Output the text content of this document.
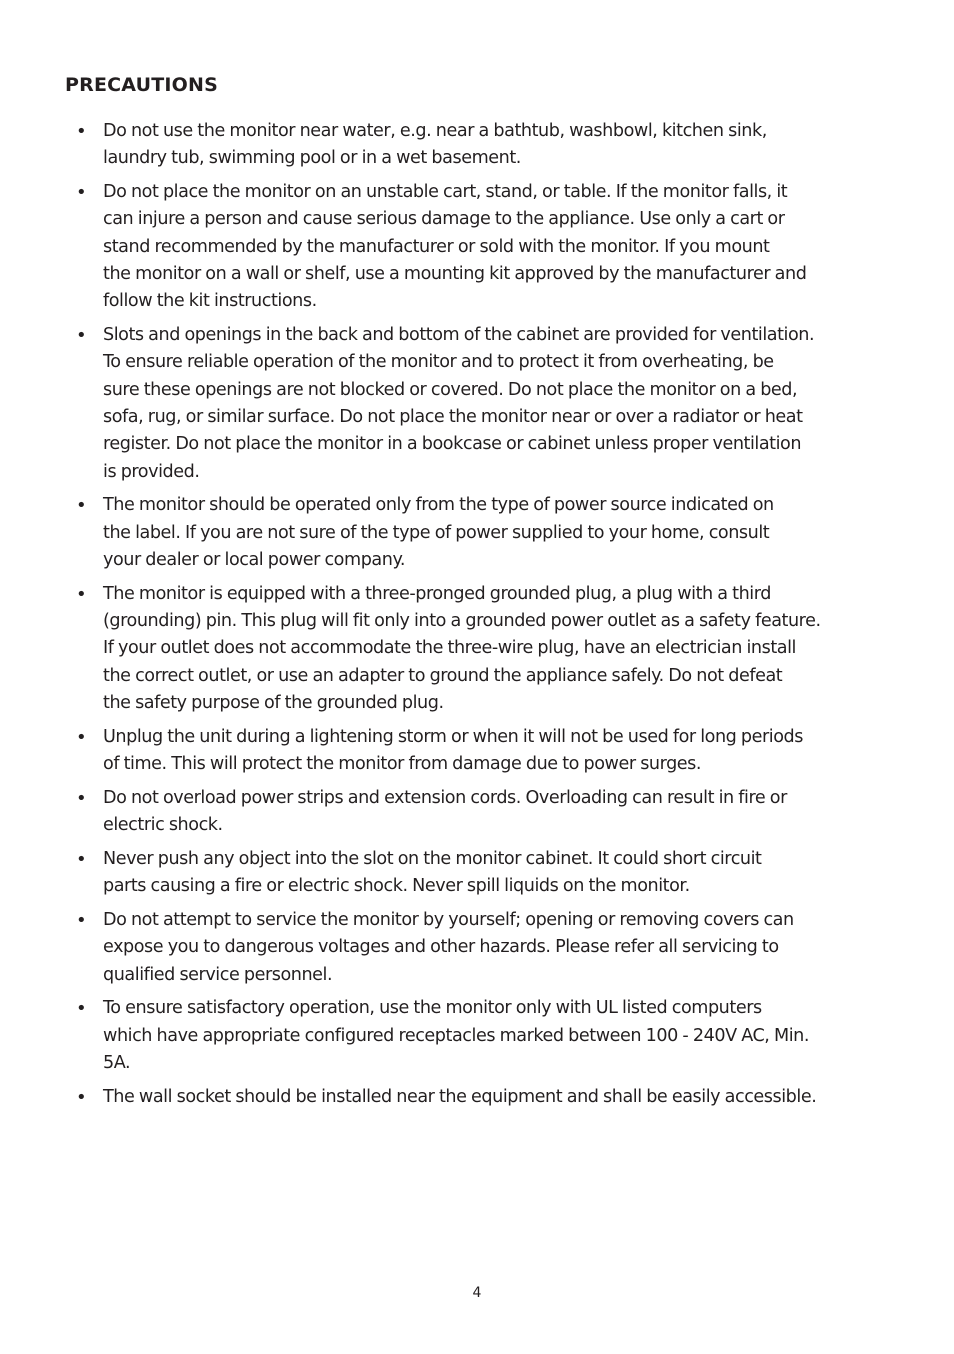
PRECAUTIONS
• Do not use the monitor near water, e.g. near a bathtub, washbowl, kitchen sink,
laundry tub, swimming pool or in a wet basement.
• Do not place the monitor on an unstable cart, stand, or table. If the monitor falls, it
can injure a person and cause serious damage to the appliance. Use only a cart or
stand recommended by the manufacturer or sold with the monitor. If you mount
the monitor on a wall or shelf, use a mounting kit approved by the manufacturer and
follow the kit instructions.
• Slots and openings in the back and bottom of the cabinet are provided for ventilation.
To ensure reliable operation of the monitor and to protect it from overheating, be
sure these openings are not blocked or covered. Do not place the monitor on a bed,
sofa, rug, or similar surface. Do not place the monitor near or over a radiator or heat
register. Do not place the monitor in a bookcase or cabinet unless proper ventilation
is provided.
• The monitor should be operated only from the type of power source indicated on
the label. If you are not sure of the type of power supplied to your home, consult
your dealer or local power company.
• The monitor is equipped with a three-pronged grounded plug, a plug with a third
(grounding) pin. This plug will fit only into a grounded power outlet as a safety feature.
If your outlet does not accommodate the three-wire plug, have an electrician install
the correct outlet, or use an adapter to ground the appliance safely. Do not defeat
the safety purpose of the grounded plug.
• Unplug the unit during a lightening storm or when it will not be used for long periods
of time. This will protect the monitor from damage due to power surges.
• Do not overload power strips and extension cords. Overloading can result in fire or
electric shock.
• Never push any object into the slot on the monitor cabinet. It could short circuit
parts causing a fire or electric shock. Never spill liquids on the monitor.
• Do not attempt to service the monitor by yourself; opening or removing covers can
expose you to dangerous voltages and other hazards. Please refer all servicing to
qualified service personnel.
• To ensure satisfactory operation, use the monitor only with UL listed computers
which have appropriate configured receptacles marked between 100 - 240V AC, Min.
5A.
• The wall socket should be installed near the equipment and shall be easily accessible.
4
